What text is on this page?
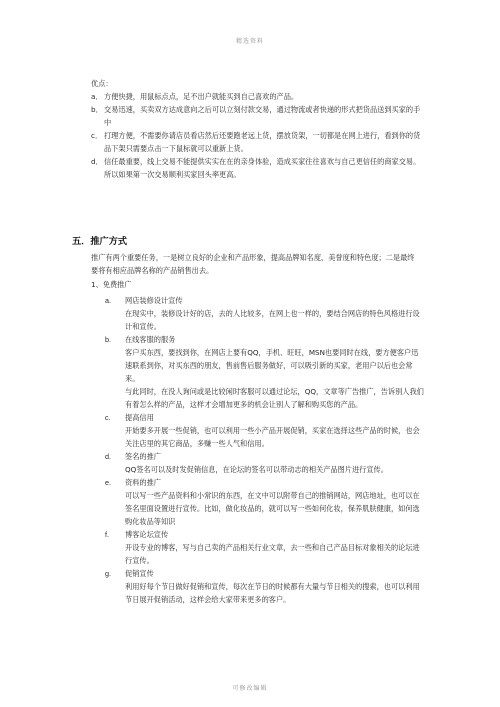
精选资料
优点：
a． 方便快捷，用鼠标点点，足不出户就能买到自己喜欢的产品。
b． 交易迅速，买卖双方达成意向之后可以立刻付款交易，通过物流或者快递的形式把货品送到买家的手中
c． 打理方便，不需要你请店员看店然后还要跑老远上货，摆放货架，一切都是在网上进行，看到你的货品下架只需要点击一下鼠标就可以重新上货。
d． 信任最重要，线上交易不能提供实实在在的亲身体验，造成买家往往喜欢与自己更信任的商家交易。所以如果第一次交易顺利买家回头率更高。
五．推广方式
推广有两个重要任务，一是树立良好的企业和产品形象，提高品牌知名度、美誉度和特色度；二是最终要将有相应品牌名称的产品销售出去。
1、免费推广
a.	网店装修设计宣传
在现实中，装修设计好的店，去的人比较多，在网上也一样的，要结合网店的特色风格进行设计和宣传。
b.	在线客服的服务
客户买东西，要找到你，在网店上要有QQ，手机、旺旺，MSN也要同时在线，要方便客户迅速联系到你，对买东西的朋友，售前售后服务做好，可以吸引新的买家，老用户以后也会常来。
与此同时，在没人询问或是比较闲时客服可以通过论坛，QQ，文章等广告推广，告诉别人我们有着怎么样的产品，这样才会增加更多的机会让别人了解和购买您的产品。
c.	提高信用
开始要多开展一些促销，也可以利用一些小产品开展促销，买家在选择这些产品的时候，也会关注店里的其它商品，多赚一些人气和信用。
d.	签名的推广
QQ签名可以及时发促销信息，在论坛的签名可以带动志的相关产品图片进行宣传。
e.	资料的推广
可以写一些产品资料和小常识的东西，在文中可以附带自己的推销网站，网店地址，也可以在签名里面设置进行宣传。比如，做化妆品的，就可以写一些如何化妆，保养肌肤健康，如何选购化妆品等知识
f.	博客论坛宣传
开设专业的博客，写与自己卖的产品相关行业文章，去一些和自己产品目标对象相关的论坛进行宣传。
g.	促销宣传
利用好每个节日做好促销和宣传，每次在节日的时候都有大量与节日相关的搜索，也可以利用节日展开促销活动，这样会给大家带来更多的客户。
可修改编辑
